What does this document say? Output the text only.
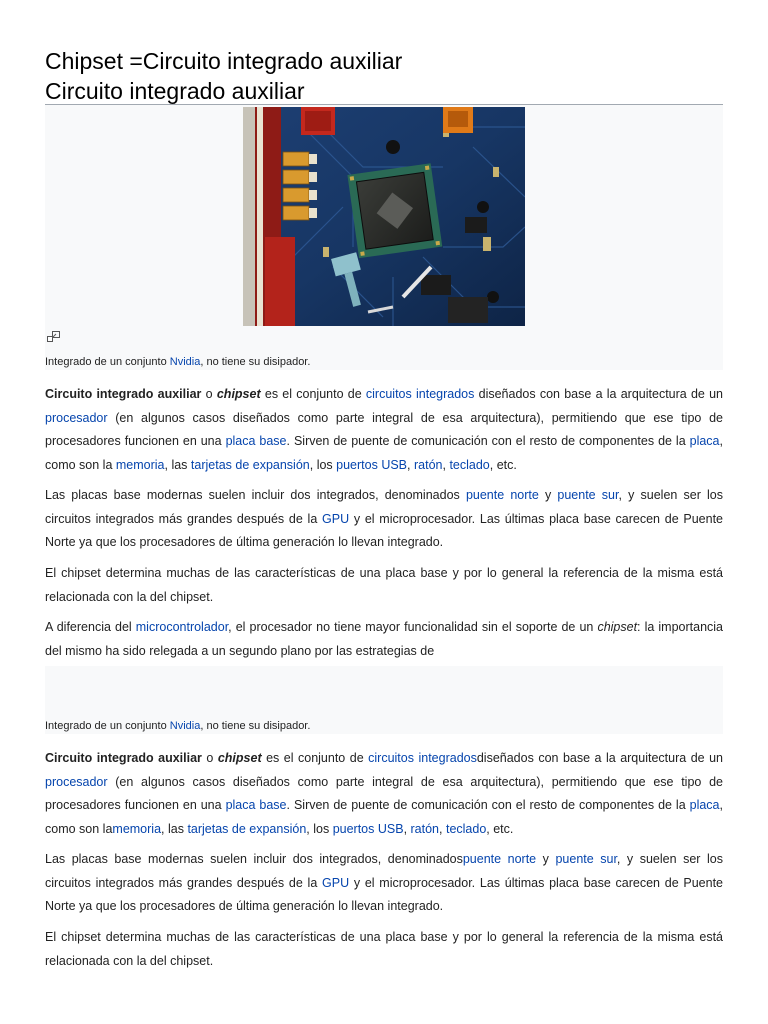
Chipset =Circuito integrado auxiliar
Circuito integrado auxiliar
Integrado de un conjunto Nvidia, no tiene su disipador.

Circuito integrado auxiliar o chipset es el conjunto de circuitos integrados diseñados con base a la arquitectura de un procesador (en algunos casos diseñados como parte integral de esa arquitectura), permitiendo que ese tipo de procesadores funcionen en una placa base. Sirven de puente de comunicación con el resto de componentes de la placa, como son la memoria, las tarjetas de expansión, los puertos USB, ratón, teclado, etc.

Las placas base modernas suelen incluir dos integrados, denominados puente norte y puente sur, y suelen ser los circuitos integrados más grandes después de la GPU y el microprocesador. Las últimas placa base carecen de Puente Norte ya que los procesadores de última generación lo llevan integrado.

El chipset determina muchas de las características de una placa base y por lo general la referencia de la misma está relacionada con la del chipset.

A diferencia del microcontrolador, el procesador no tiene mayor funcionalidad sin el soporte de un chipset: la importancia del mismo ha sido relegada a un segundo plano por las estrategias de

Integrado de un conjunto Nvidia, no tiene su disipador.

Circuito integrado auxiliar o chipset es el conjunto de circuitos integradosdiseñados con base a la arquitectura de un procesador (en algunos casos diseñados como parte integral de esa arquitectura), permitiendo que ese tipo de procesadores funcionen en una placa base. Sirven de puente de comunicación con el resto de componentes de la placa, como son lamemoria, las tarjetas de expansión, los puertos USB, ratón, teclado, etc.

Las placas base modernas suelen incluir dos integrados, denominadospuente norte y puente sur, y suelen ser los circuitos integrados más grandes después de la GPU y el microprocesador. Las últimas placa base carecen de Puente Norte ya que los procesadores de última generación lo llevan integrado.

El chipset determina muchas de las características de una placa base y por lo general la referencia de la misma está relacionada con la del chipset.
